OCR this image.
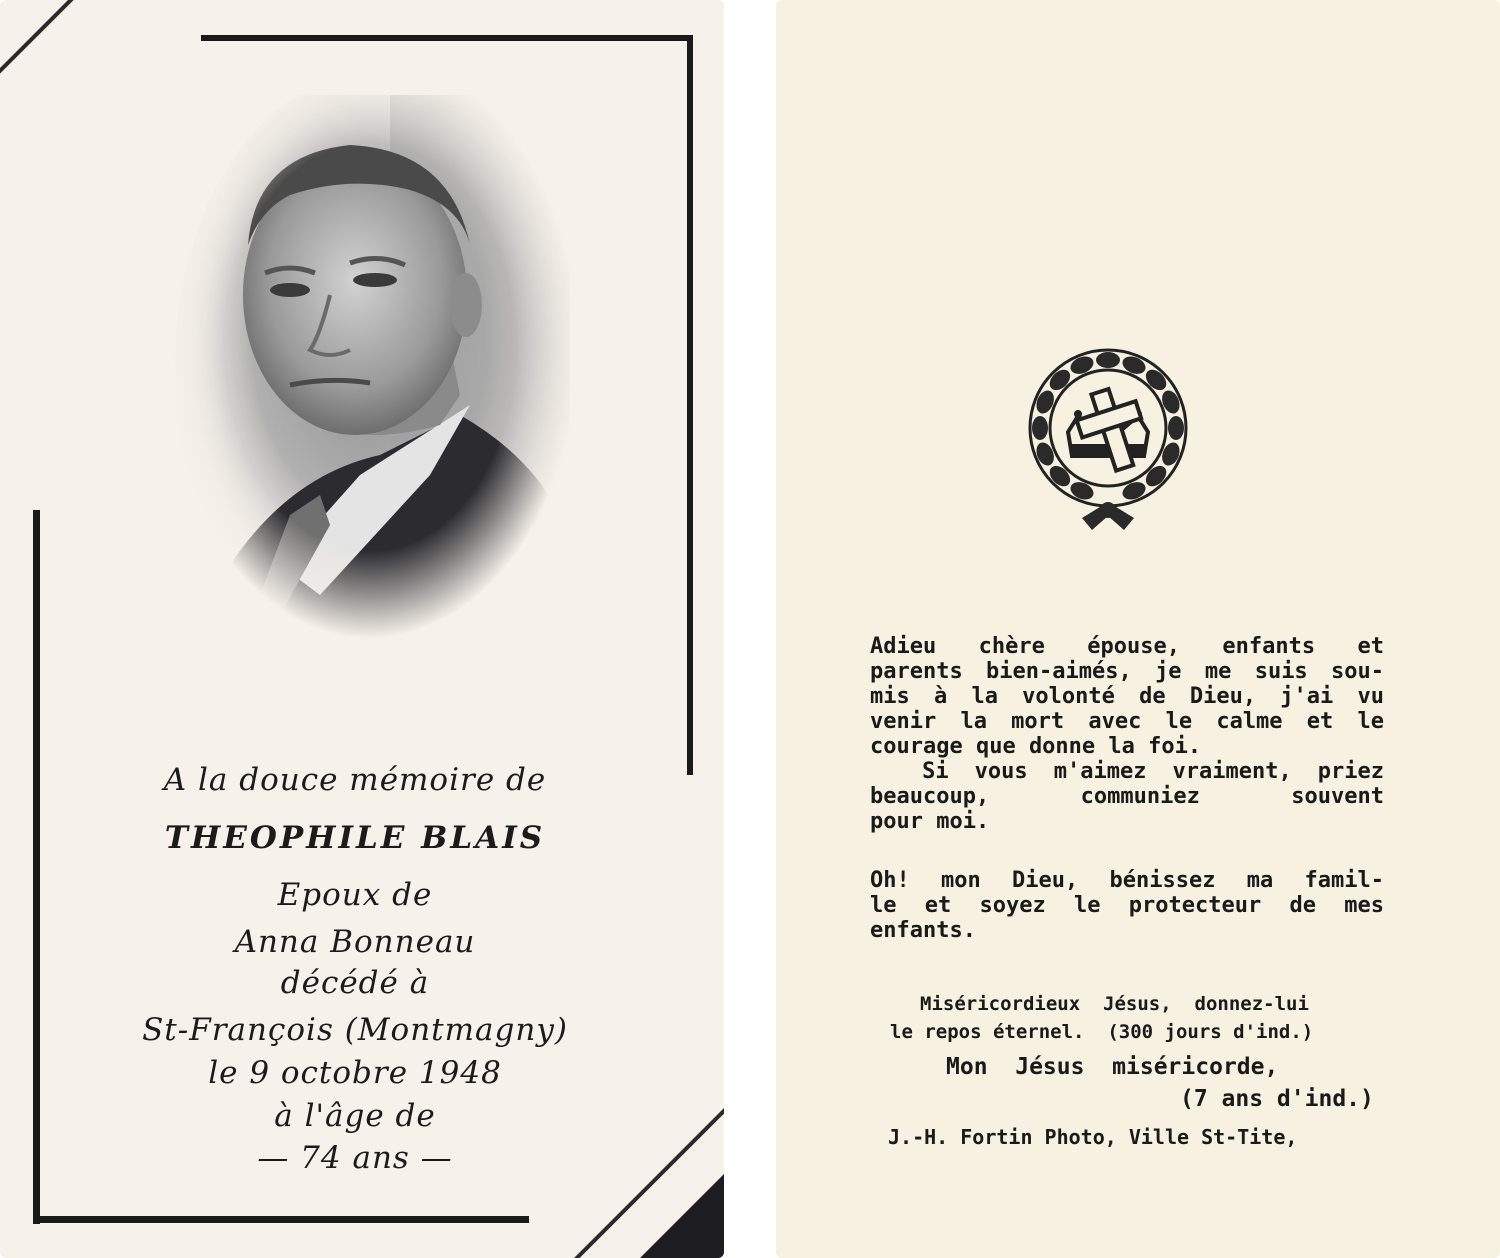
A la douce mémoire de
THEOPHILE BLAIS
Epoux de
Anna Bonneau
décédé à
St-François (Montmagny)
le 9 octobre 1948
à l'âge de
— 74 ans —
Adieu chère épouse, enfants et
parents bien-aimés, je me suis sou-
mis à la volonté de Dieu, j'ai vu
venir la mort avec le calme et le
courage que donne la foi.
Si vous m'aimez vraiment, priez
beaucoup,   communiez   souvent
pour moi.
Oh! mon Dieu, bénissez ma famil-
le et soyez le protecteur de mes
enfants.
Miséricordieux  Jésus,  donnez-lui
le repos éternel.  (300 jours d'ind.)
Mon  Jésus  miséricorde,
(7 ans d'ind.)
J.-H. Fortin Photo, Ville St-Tite,
